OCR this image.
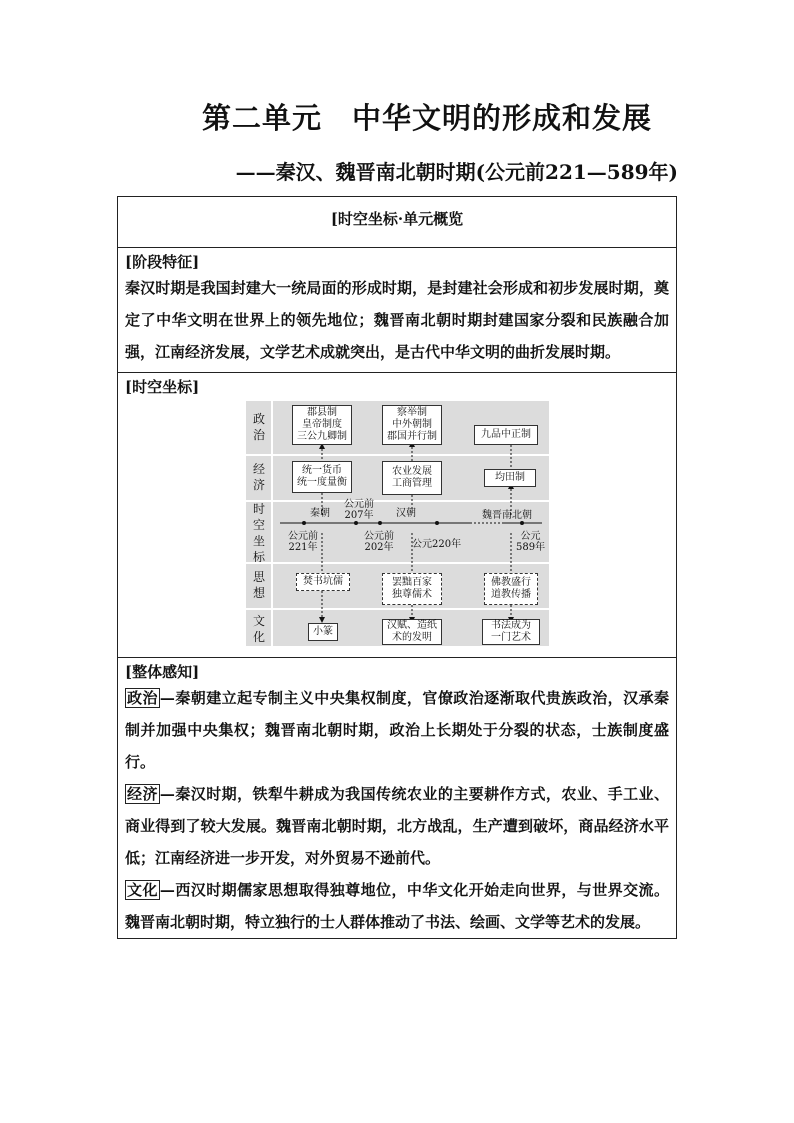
第二单元 中华文明的形成和发展
——秦汉、魏晋南北朝时期(公元前221—589年)
[时空坐标·单元概览
[阶段特征]
秦汉时期是我国封建大一统局面的形成时期，是封建社会形成和初步发展时期，奠定了中华文明在世界上的领先地位；魏晋南北朝时期封建国家分裂和民族融合加强，江南经济发展，文学艺术成就突出，是古代中华文明的曲折发展时期。
[时空坐标]
政治
经济
时空坐标
思想
文化
郡县制
皇帝制度
三公九卿制
察举制
中外朝制
郡国并行制	九品中正制
统一货币
统一度量衡
农业发展
工商管理
均田制
秦朝
公元前
207年 汉朝	魏晋南北朝
公元前
221年
公元前
202年 公元220年
公元
589年
焚书坑儒	罢黜百家
独尊儒术
佛教盛行
道教传播
小篆
汉赋、造纸
术的发明
书法成为
一门艺术
[整体感知]
政治 —秦朝建立起专制主义中央集权制度，官僚政治逐渐取代贵族政治，汉承秦制并加强中央集权；魏晋南北朝时期，政治上长期处于分裂的状态，士族制度盛行。
经济 —秦汉时期，铁犁牛耕成为我国传统农业的主要耕作方式，农业、手工业、商业得到了较大发展。魏晋南北朝时期，北方战乱，生产遭到破坏，商品经济水平低；江南经济进一步开发，对外贸易不逊前代。
文化 —西汉时期儒家思想取得独尊地位，中华文化开始走向世界，与世界交流。魏晋南北朝时期，特立独行的士人群体推动了书法、绘画、文学等艺术的发展。
